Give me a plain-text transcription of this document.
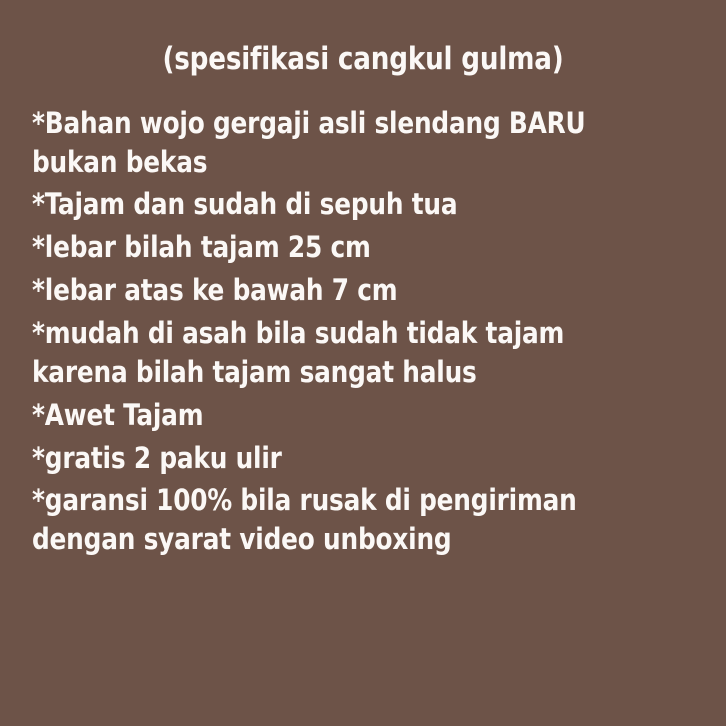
(spesifikasi cangkul gulma)
*Bahan wojo gergaji asli slendang BARU bukan bekas
*Tajam dan sudah di sepuh tua
*lebar bilah tajam 25 cm
*lebar atas ke bawah 7 cm
*mudah di asah bila sudah tidak tajam karena bilah tajam sangat halus
*Awet Tajam
*gratis 2 paku ulir
*garansi 100% bila rusak di pengiriman dengan syarat video unboxing
